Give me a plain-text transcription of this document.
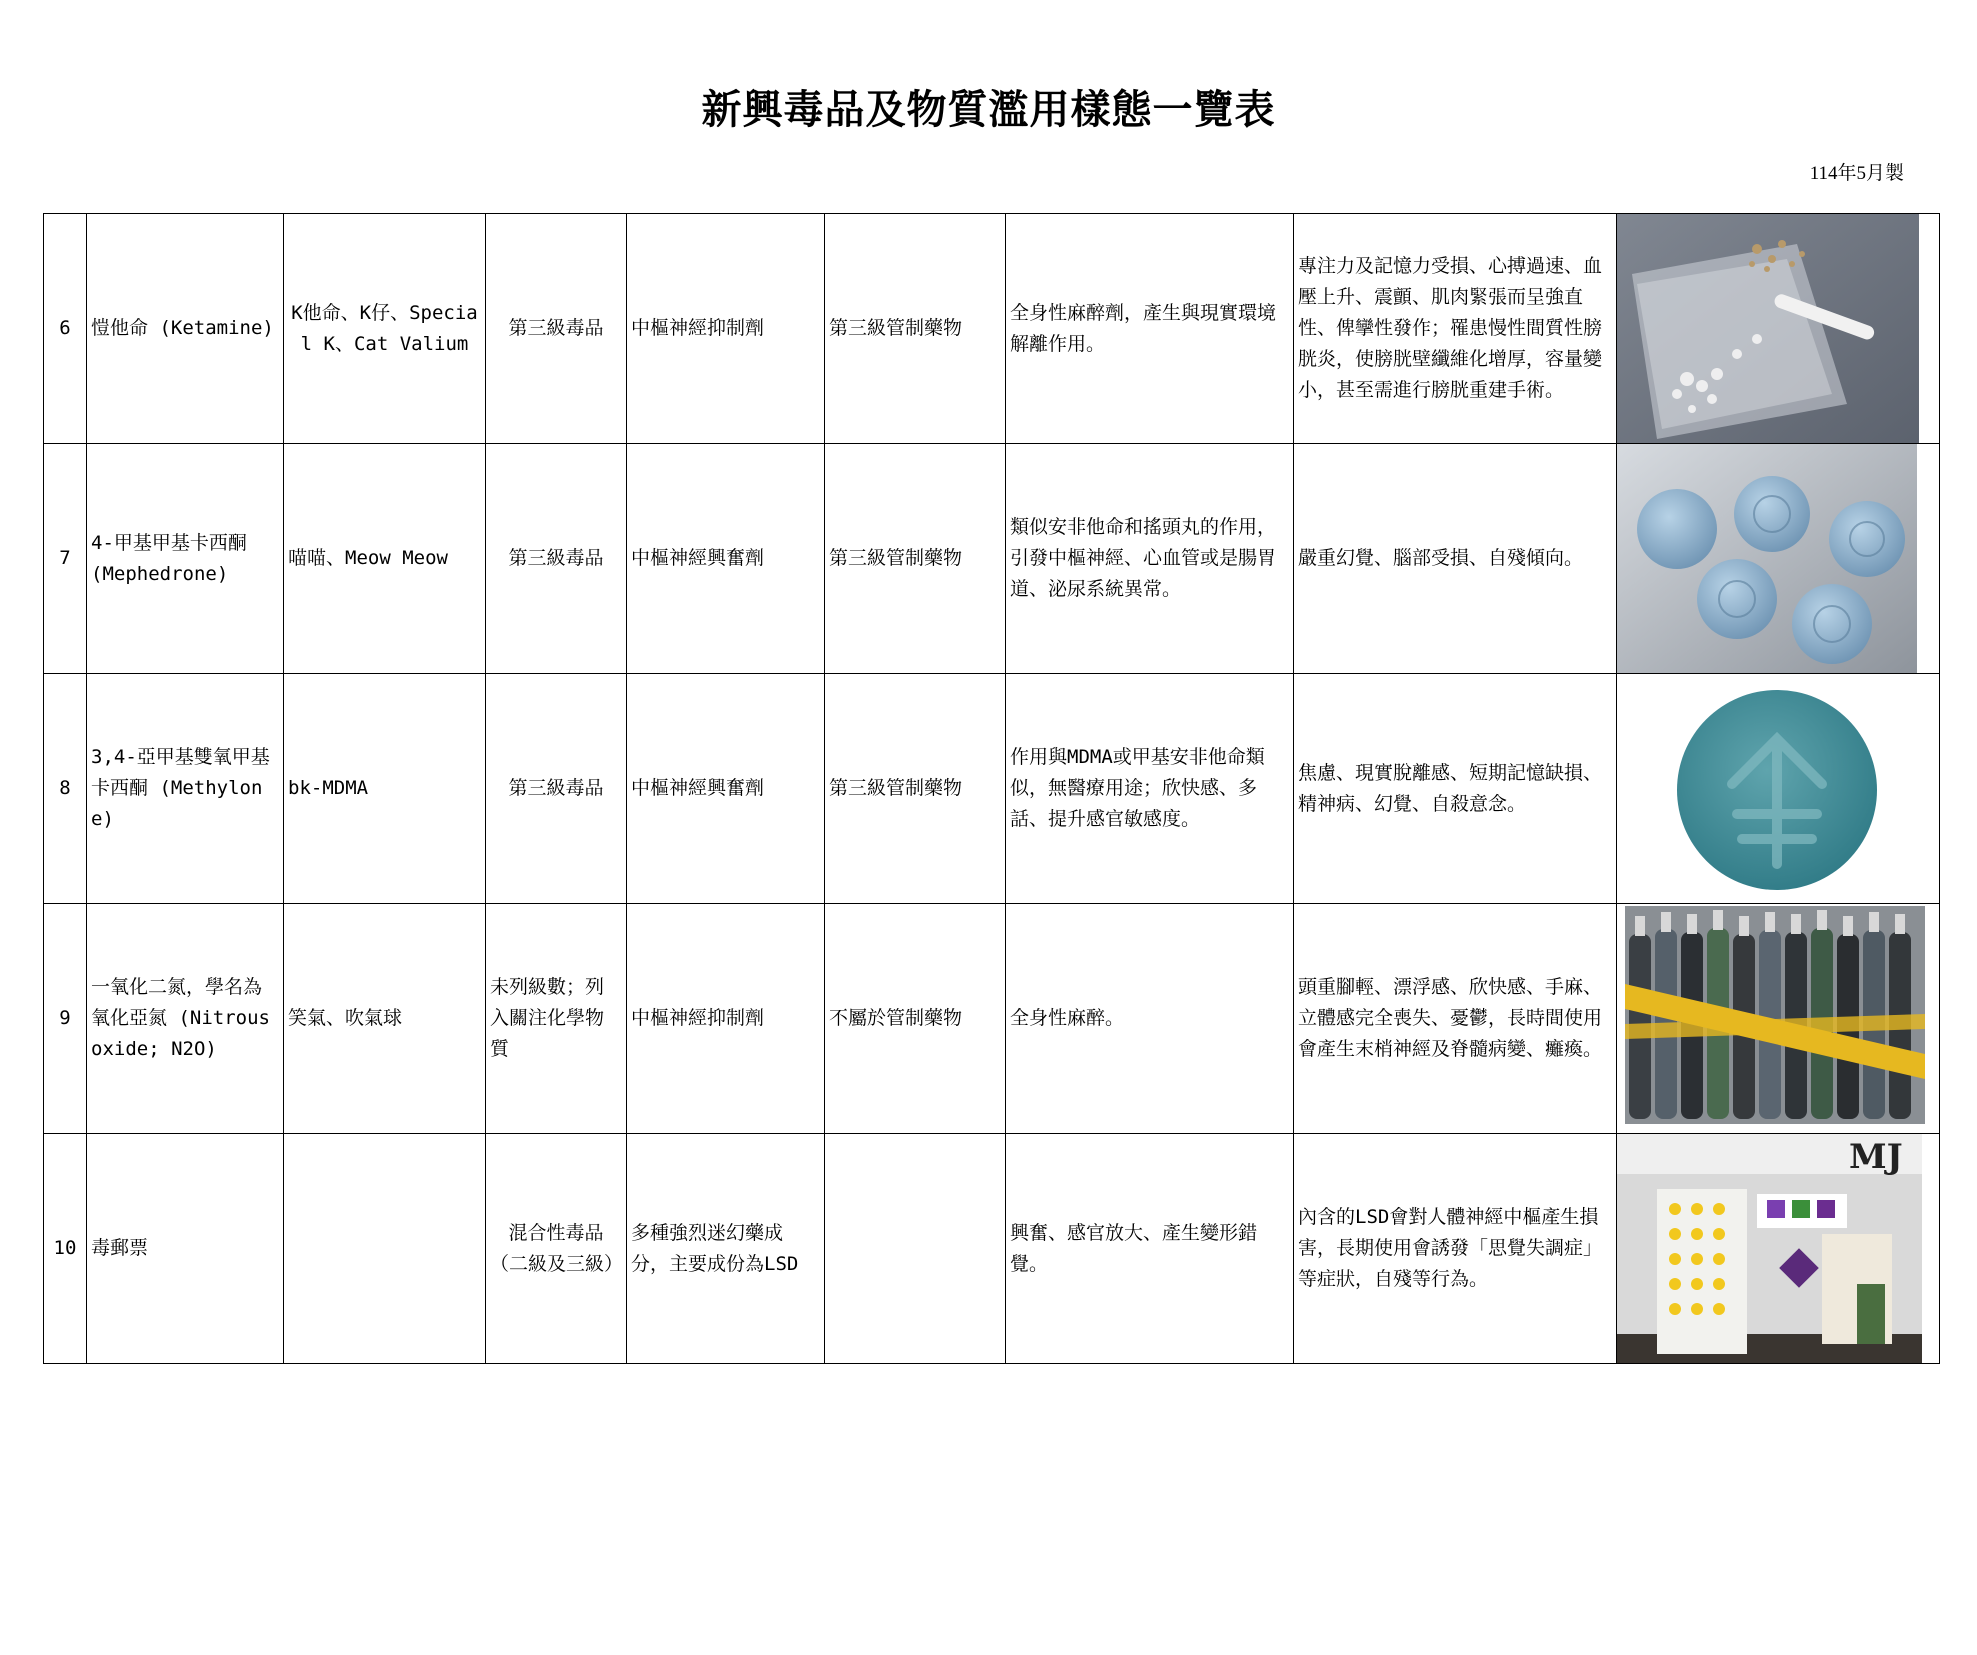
新興毒品及物質濫用樣態一覽表
114年5月製
6	愷他命 (Ketamine)	K他命、K仔、Special K、Cat Valium	第三級毒品	中樞神經抑制劑	第三級管制藥物	全身性麻醉劑，產生與現實環境解離作用。	專注力及記憶力受損、心搏過速、血壓上升、震顫、肌肉緊張而呈強直性、俾攣性發作；罹患慢性間質性膀胱炎，使膀胱壁纖維化增厚，容量變小，甚至需進行膀胱重建手術。	

7	4-甲基甲基卡西酮 (Mephedrone)	喵喵、Meow Meow	第三級毒品	中樞神經興奮劑	第三級管制藥物	類似安非他命和搖頭丸的作用，引發中樞神經、心血管或是腸胃道、泌尿系統異常。	嚴重幻覺、腦部受損、自殘傾向。	

8	3,4-亞甲基雙氧甲基卡西酮 (Methylone)	bk-MDMA	第三級毒品	中樞神經興奮劑	第三級管制藥物	作用與MDMA或甲基安非他命類似，無醫療用途；欣快感、多話、提升感官敏感度。	焦慮、現實脫離感、短期記憶缺損、精神病、幻覺、自殺意念。	

9	一氧化二氮，學名為氧化亞氮 (Nitrous oxide; N2O)	笑氣、吹氣球	未列級數；列入關注化學物質	中樞神經抑制劑	不屬於管制藥物	全身性麻醉。	頭重腳輕、漂浮感、欣快感、手麻、立體感完全喪失、憂鬱，長時間使用會產生末梢神經及脊髓病變、癱瘓。	

10	毒郵票		混合性毒品（二級及三級）	多種強烈迷幻藥成分，主要成份為LSD		興奮、感官放大、產生變形錯覺。	內含的LSD會對人體神經中樞產生損害，長期使用會誘發「思覺失調症」等症狀，自殘等行為。	MJ
